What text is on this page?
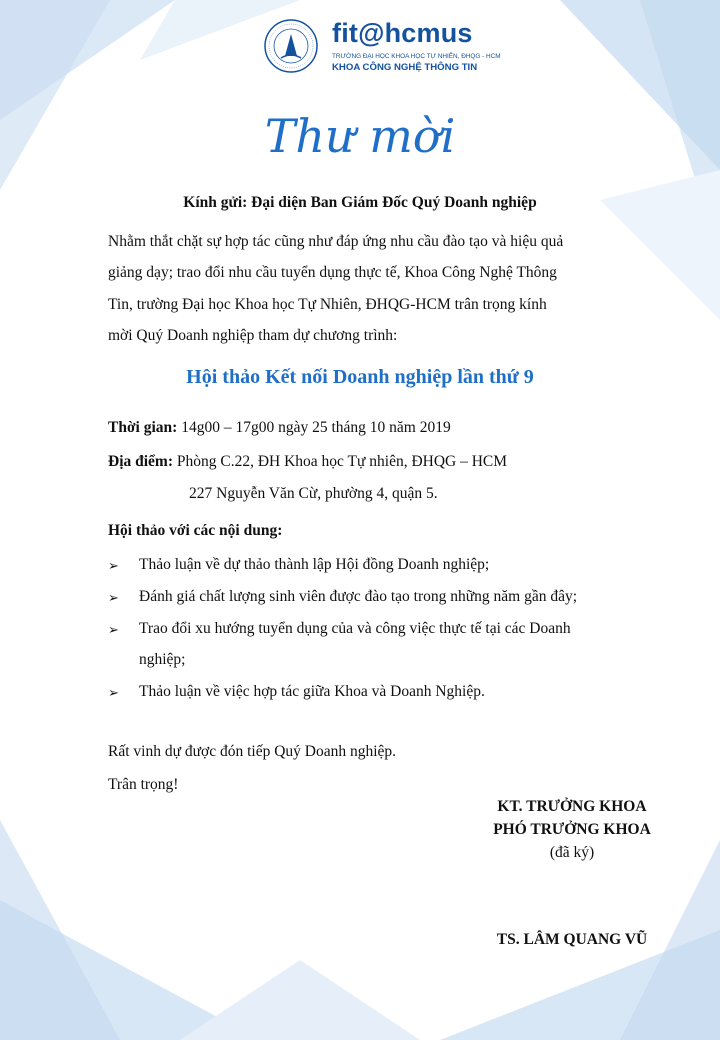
fit@hcmus
TRƯỜNG ĐẠI HỌC KHOA HỌC TỰ NHIÊN, ĐHQG - HCM
KHOA CÔNG NGHỆ THÔNG TIN
Thư mời
Kính gửi: Đại diện Ban Giám Đốc Quý Doanh nghiệp
Nhằm thắt chặt sự hợp tác cũng như đáp ứng nhu cầu đào tạo và hiệu quả
giảng dạy; trao đổi nhu cầu tuyển dụng thực tế, Khoa Công Nghệ Thông
Tin, trường Đại học Khoa học Tự Nhiên, ĐHQG-HCM trân trọng kính
mời Quý Doanh nghiệp tham dự chương trình:
Hội thảo Kết nối Doanh nghiệp lần thứ 9
Thời gian: 14g00 – 17g00 ngày 25 tháng 10 năm 2019
Địa điểm: Phòng C.22, ĐH Khoa học Tự nhiên, ĐHQG – HCM
227 Nguyễn Văn Cừ, phường 4, quận 5.
Hội thảo với các nội dung:
➢ Thảo luận về dự thảo thành lập Hội đồng Doanh nghiệp;
➢ Đánh giá chất lượng sinh viên được đào tạo trong những năm gần đây;
➢ Trao đổi xu hướng tuyển dụng của và công việc thực tế tại các Doanh
nghiệp;
➢ Thảo luận về việc hợp tác giữa Khoa và Doanh Nghiệp.
Rất vinh dự được đón tiếp Quý Doanh nghiệp.
Trân trọng!
KT. TRƯỞNG KHOA
PHÓ TRƯỞNG KHOA
(đã ký)
TS. LÂM QUANG VŨ
